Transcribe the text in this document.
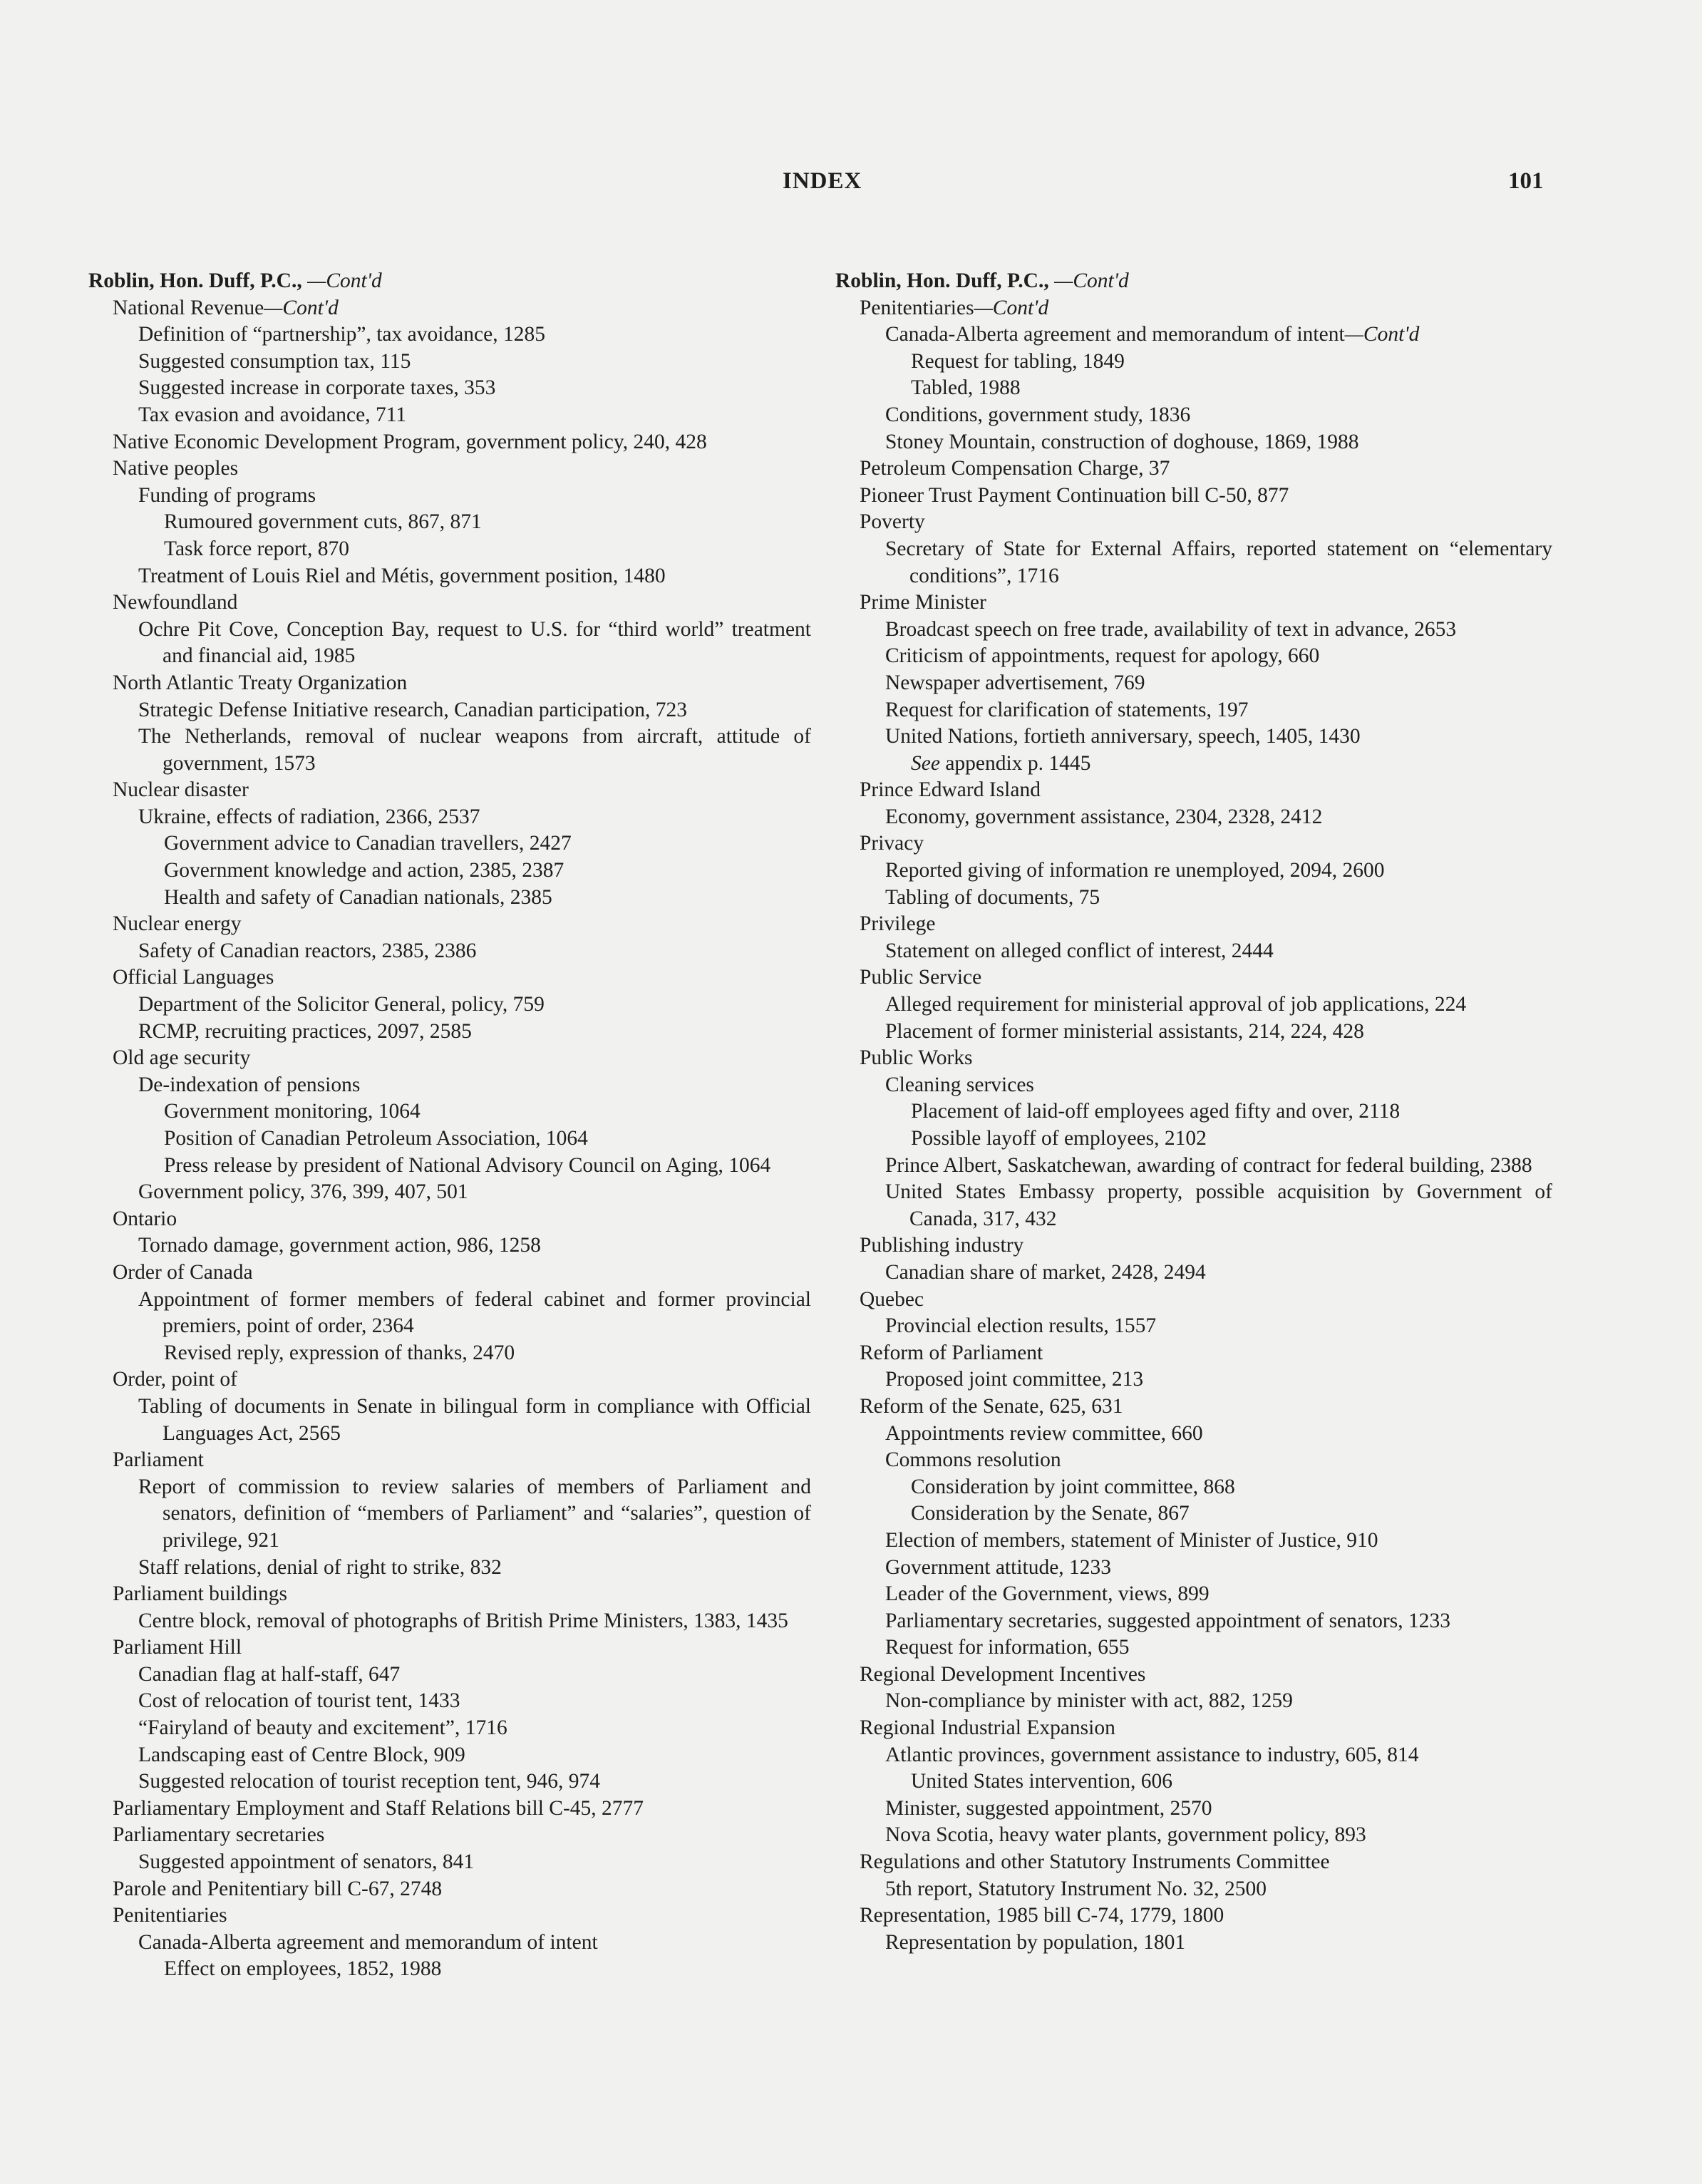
INDEX	101
Roblin, Hon. Duff, P.C., —Cont'd
National Revenue—Cont'd
Definition of “partnership”, tax avoidance, 1285
Suggested consumption tax, 115
Suggested increase in corporate taxes, 353
Tax evasion and avoidance, 711
Native Economic Development Program, government policy, 240, 428
Native peoples
Funding of programs
Rumoured government cuts, 867, 871
Task force report, 870
Treatment of Louis Riel and Métis, government position, 1480
Newfoundland
Ochre Pit Cove, Conception Bay, request to U.S. for “third world” treatment and financial aid, 1985
North Atlantic Treaty Organization
Strategic Defense Initiative research, Canadian participation, 723
The Netherlands, removal of nuclear weapons from aircraft, attitude of government, 1573
Nuclear disaster
Ukraine, effects of radiation, 2366, 2537
Government advice to Canadian travellers, 2427
Government knowledge and action, 2385, 2387
Health and safety of Canadian nationals, 2385
Nuclear energy
Safety of Canadian reactors, 2385, 2386
Official Languages
Department of the Solicitor General, policy, 759
RCMP, recruiting practices, 2097, 2585
Old age security
De-indexation of pensions
Government monitoring, 1064
Position of Canadian Petroleum Association, 1064
Press release by president of National Advisory Council on Aging, 1064
Government policy, 376, 399, 407, 501
Ontario
Tornado damage, government action, 986, 1258
Order of Canada
Appointment of former members of federal cabinet and former provincial premiers, point of order, 2364
Revised reply, expression of thanks, 2470
Order, point of
Tabling of documents in Senate in bilingual form in compliance with Official Languages Act, 2565
Parliament
Report of commission to review salaries of members of Parliament and senators, definition of “members of Parliament” and “salaries”, question of privilege, 921
Staff relations, denial of right to strike, 832
Parliament buildings
Centre block, removal of photographs of British Prime Ministers, 1383, 1435
Parliament Hill
Canadian flag at half-staff, 647
Cost of relocation of tourist tent, 1433
“Fairyland of beauty and excitement”, 1716
Landscaping east of Centre Block, 909
Suggested relocation of tourist reception tent, 946, 974
Parliamentary Employment and Staff Relations bill C-45, 2777
Parliamentary secretaries
Suggested appointment of senators, 841
Parole and Penitentiary bill C-67, 2748
Penitentiaries
Canada-Alberta agreement and memorandum of intent
Effect on employees, 1852, 1988
Roblin, Hon. Duff, P.C., —Cont'd
Penitentiaries—Cont'd
Canada-Alberta agreement and memorandum of intent—Cont'd
Request for tabling, 1849
Tabled, 1988
Conditions, government study, 1836
Stoney Mountain, construction of doghouse, 1869, 1988
Petroleum Compensation Charge, 37
Pioneer Trust Payment Continuation bill C-50, 877
Poverty
Secretary of State for External Affairs, reported statement on “elementary conditions”, 1716
Prime Minister
Broadcast speech on free trade, availability of text in advance, 2653
Criticism of appointments, request for apology, 660
Newspaper advertisement, 769
Request for clarification of statements, 197
United Nations, fortieth anniversary, speech, 1405, 1430
See appendix p. 1445
Prince Edward Island
Economy, government assistance, 2304, 2328, 2412
Privacy
Reported giving of information re unemployed, 2094, 2600
Tabling of documents, 75
Privilege
Statement on alleged conflict of interest, 2444
Public Service
Alleged requirement for ministerial approval of job applications, 224
Placement of former ministerial assistants, 214, 224, 428
Public Works
Cleaning services
Placement of laid-off employees aged fifty and over, 2118
Possible layoff of employees, 2102
Prince Albert, Saskatchewan, awarding of contract for federal building, 2388
United States Embassy property, possible acquisition by Government of Canada, 317, 432
Publishing industry
Canadian share of market, 2428, 2494
Quebec
Provincial election results, 1557
Reform of Parliament
Proposed joint committee, 213
Reform of the Senate, 625, 631
Appointments review committee, 660
Commons resolution
Consideration by joint committee, 868
Consideration by the Senate, 867
Election of members, statement of Minister of Justice, 910
Government attitude, 1233
Leader of the Government, views, 899
Parliamentary secretaries, suggested appointment of senators, 1233
Request for information, 655
Regional Development Incentives
Non-compliance by minister with act, 882, 1259
Regional Industrial Expansion
Atlantic provinces, government assistance to industry, 605, 814
United States intervention, 606
Minister, suggested appointment, 2570
Nova Scotia, heavy water plants, government policy, 893
Regulations and other Statutory Instruments Committee
5th report, Statutory Instrument No. 32, 2500
Representation, 1985 bill C-74, 1779, 1800
Representation by population, 1801
